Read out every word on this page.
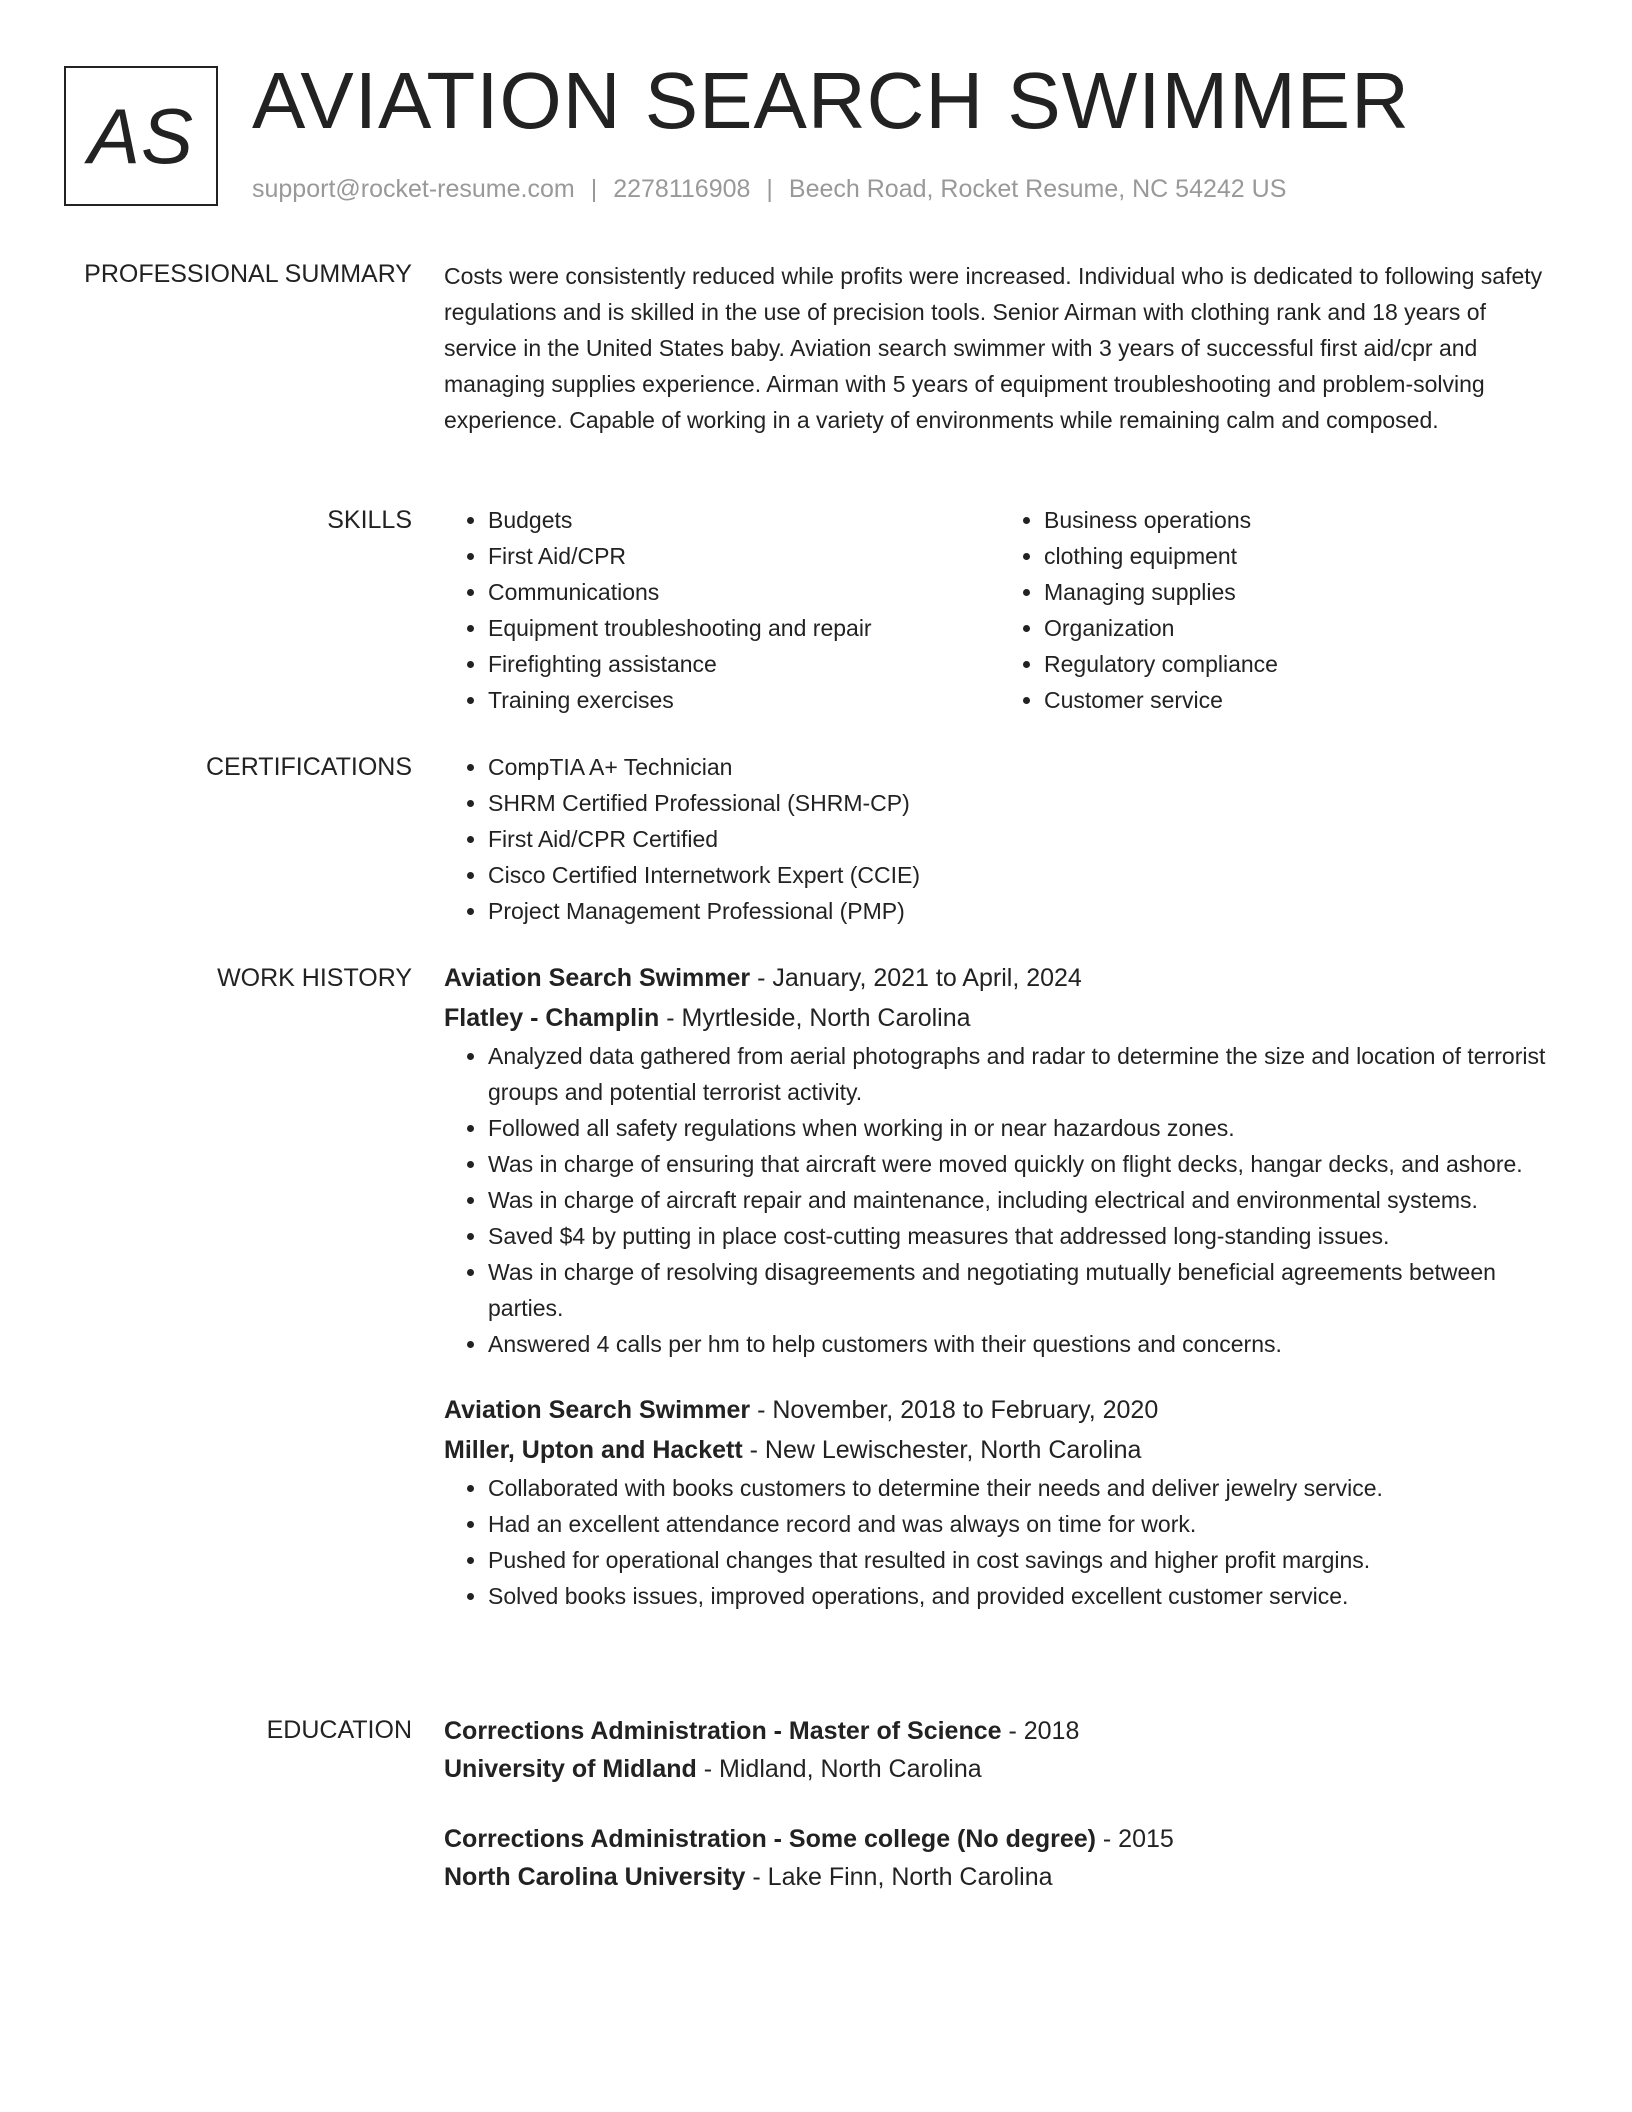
AS AVIATION SEARCH SWIMMER
support@rocket-resume.com | 2278116908 | Beech Road, Rocket Resume, NC 54242 US
PROFESSIONAL SUMMARY Costs were consistently reduced while profits were increased. Individual who is dedicated to following safety regulations and is skilled in the use of precision tools. Senior Airman with clothing rank and 18 years of service in the United States baby. Aviation search swimmer with 3 years of successful first aid/cpr and managing supplies experience. Airman with 5 years of equipment troubleshooting and problem-solving experience. Capable of working in a variety of environments while remaining calm and composed.

SKILLS	• Budgets
• First Aid/CPR
• Communications
• Equipment troubleshooting and repair
• Firefighting assistance
• Training exercises
• Business operations
• clothing equipment
• Managing supplies
• Organization
• Regulatory compliance
• Customer service
CERTIFICATIONS	• CompTIA A+ Technician
• SHRM Certified Professional (SHRM-CP)
• First Aid/CPR Certified
• Cisco Certified Internetwork Expert (CCIE)
• Project Management Professional (PMP)
WORK HISTORY Aviation Search Swimmer - January, 2021 to April, 2024
Flatley - Champlin - Myrtleside, North Carolina
• Analyzed data gathered from aerial photographs and radar to determine the size and location of terrorist groups and potential terrorist activity.
• Followed all safety regulations when working in or near hazardous zones.
• Was in charge of ensuring that aircraft were moved quickly on flight decks, hangar decks, and ashore.
• Was in charge of aircraft repair and maintenance, including electrical and environmental systems.
• Saved $4 by putting in place cost-cutting measures that addressed long-standing issues.
• Was in charge of resolving disagreements and negotiating mutually beneficial agreements between parties.
• Answered 4 calls per hm to help customers with their questions and concerns.
Aviation Search Swimmer - November, 2018 to February, 2020
Miller, Upton and Hackett - New Lewischester, North Carolina
• Collaborated with books customers to determine their needs and deliver jewelry service.
• Had an excellent attendance record and was always on time for work.
• Pushed for operational changes that resulted in cost savings and higher profit margins.
• Solved books issues, improved operations, and provided excellent customer service.
EDUCATION Corrections Administration - Master of Science - 2018
University of Midland - Midland, North Carolina
Corrections Administration - Some college (No degree) - 2015
North Carolina University - Lake Finn, North Carolina
